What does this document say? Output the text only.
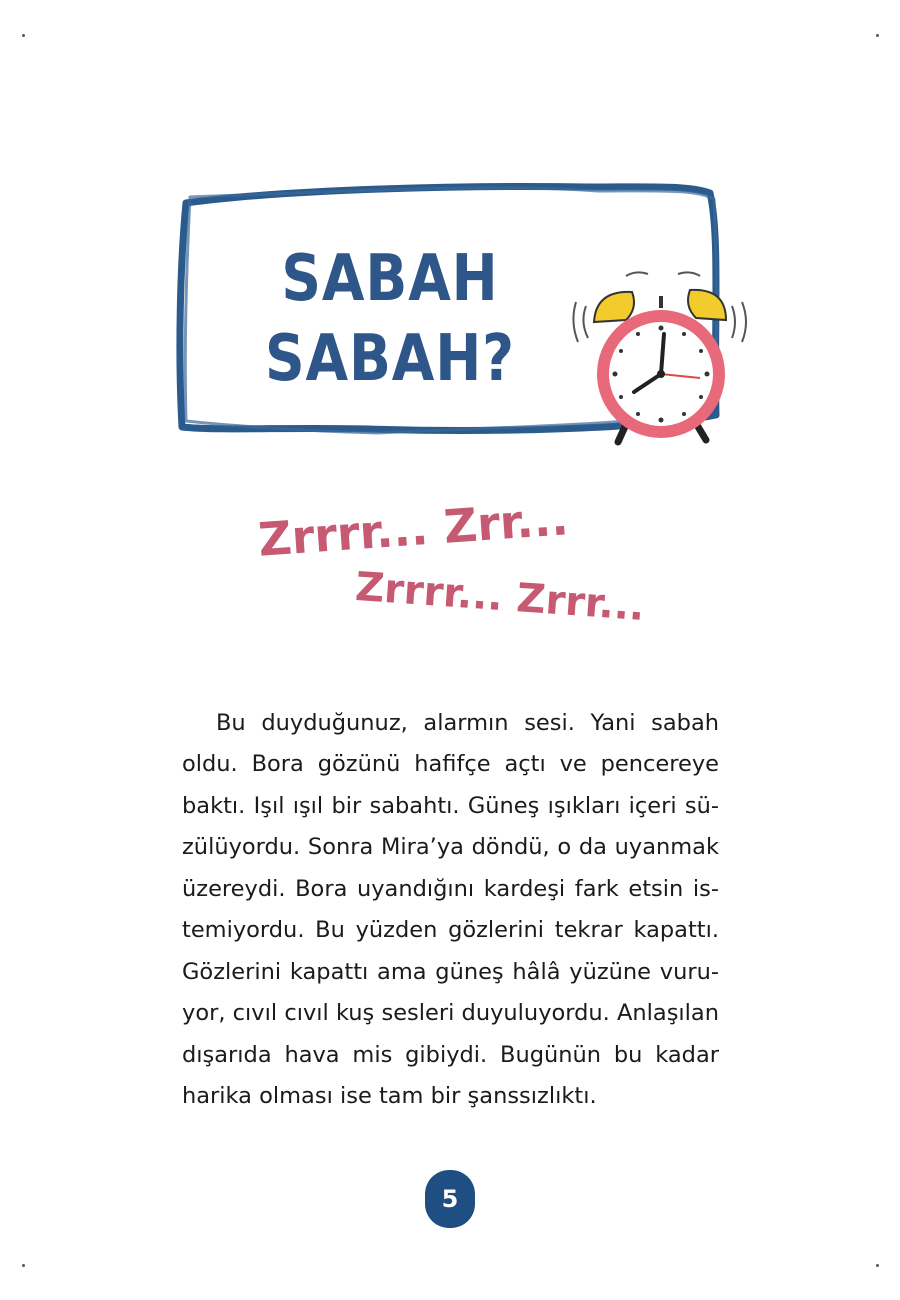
SABAH
SABAH?
Zrrrr... Zrr...
Zrrrr... Zrrr...

Bu duyduğunuz, alarmın sesi. Yani sabah oldu. Bora gözünü hafifçe açtı ve pencereye baktı. Işıl ışıl bir sabahtı. Güneş ışıkları içeri süzülüyordu. Sonra Mira’ya döndü, o da uyanmak üzereydi. Bora uyandığını kardeşi fark etsin istemiyordu. Bu yüzden gözlerini tekrar kapattı. Gözlerini kapattı ama güneş hâlâ yüzüne vuruyor, cıvıl cıvıl kuş sesleri duyuluyordu. Anlaşılan dışarıda hava mis gibiydi. Bugünün bu kadar harika olması ise tam bir şanssızlıktı.

5
